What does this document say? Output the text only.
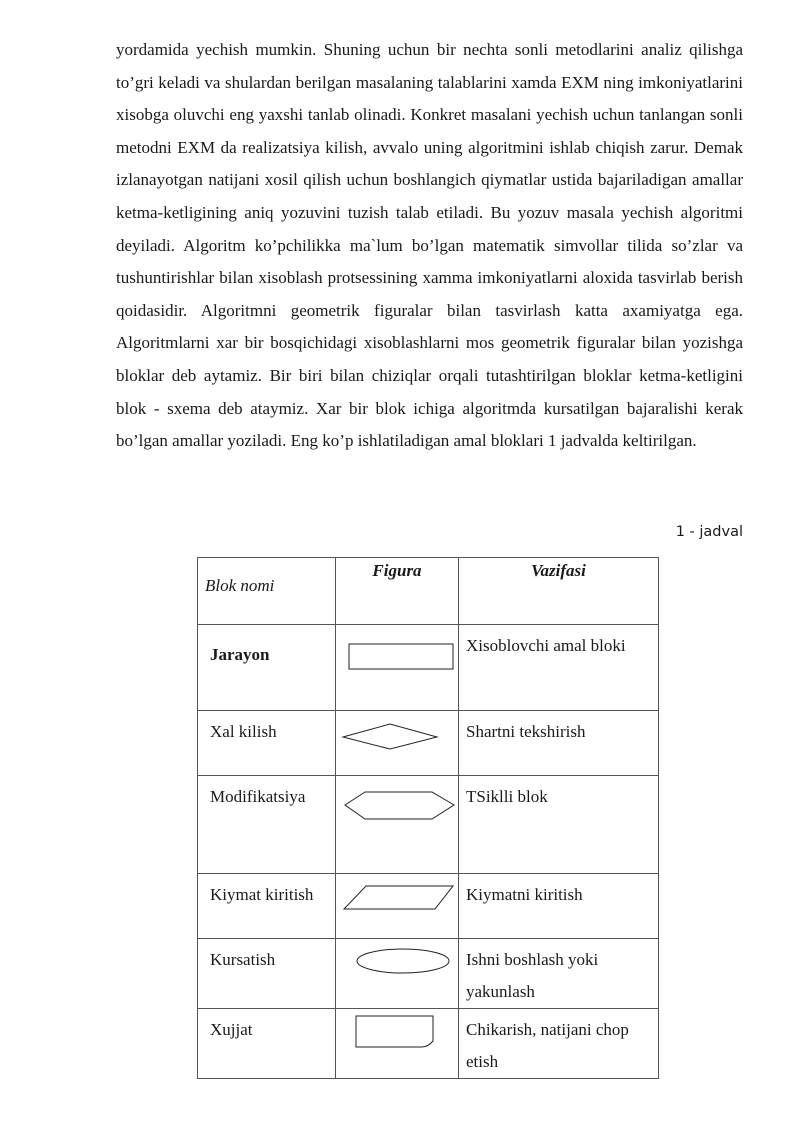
yordamida yechish mumkin. Shuning uchun bir nechta sonli metodlarini analiz qilishga to’gri keladi va shulardan berilgan masalaning talablarini xamda EXM ning imkoniyatlarini xisobga oluvchi eng yaxshi tanlab olinadi. Konkret masalani yechish uchun tanlangan sonli metodni EXM da realizatsiya kilish, avvalo uning algoritmini ishlab chiqish zarur. Demak izlanayotgan natijani xosil qilish uchun boshlangich qiymatlar ustida bajariladigan amallar ketma-ketligining aniq yozuvini tuzish talab etiladi. Bu yozuv masala yechish algoritmi deyiladi. Algoritm ko’pchilikka ma`lum bo’lgan matematik simvollar tilida so’zlar va tushuntirishlar bilan xisoblash protsessining xamma imkoniyatlarni aloxida tasvirlab berish qoidasidir. Algoritmni geometrik figuralar bilan tasvirlash katta axamiyatga ega. Algoritmlarni xar bir bosqichidagi xisoblashlarni mos geometrik figuralar bilan yozishga bloklar deb aytamiz. Bir biri bilan chiziqlar orqali tutashtirilgan bloklar ketma-ketligini blok - sxema deb ataymiz. Xar bir blok ichiga algoritmda kursatilgan bajaralishi kerak bo’lgan amallar yoziladi. Eng ko’p ishlatiladigan amal bloklari 1 jadvalda keltirilgan.

1 - jadval
Blok nomi	Figura	Vazifasi

Jarayon		Xisoblovchi amal bloki

Xal kilish		Shartni tekshirish

Modifikatsiya		TSiklli blok

Kiymat kiritish		Kiymatni kiritish

Kursatish		Ishni boshlash yoki yakunlash

Xujjat		Chikarish, natijani chop etish
